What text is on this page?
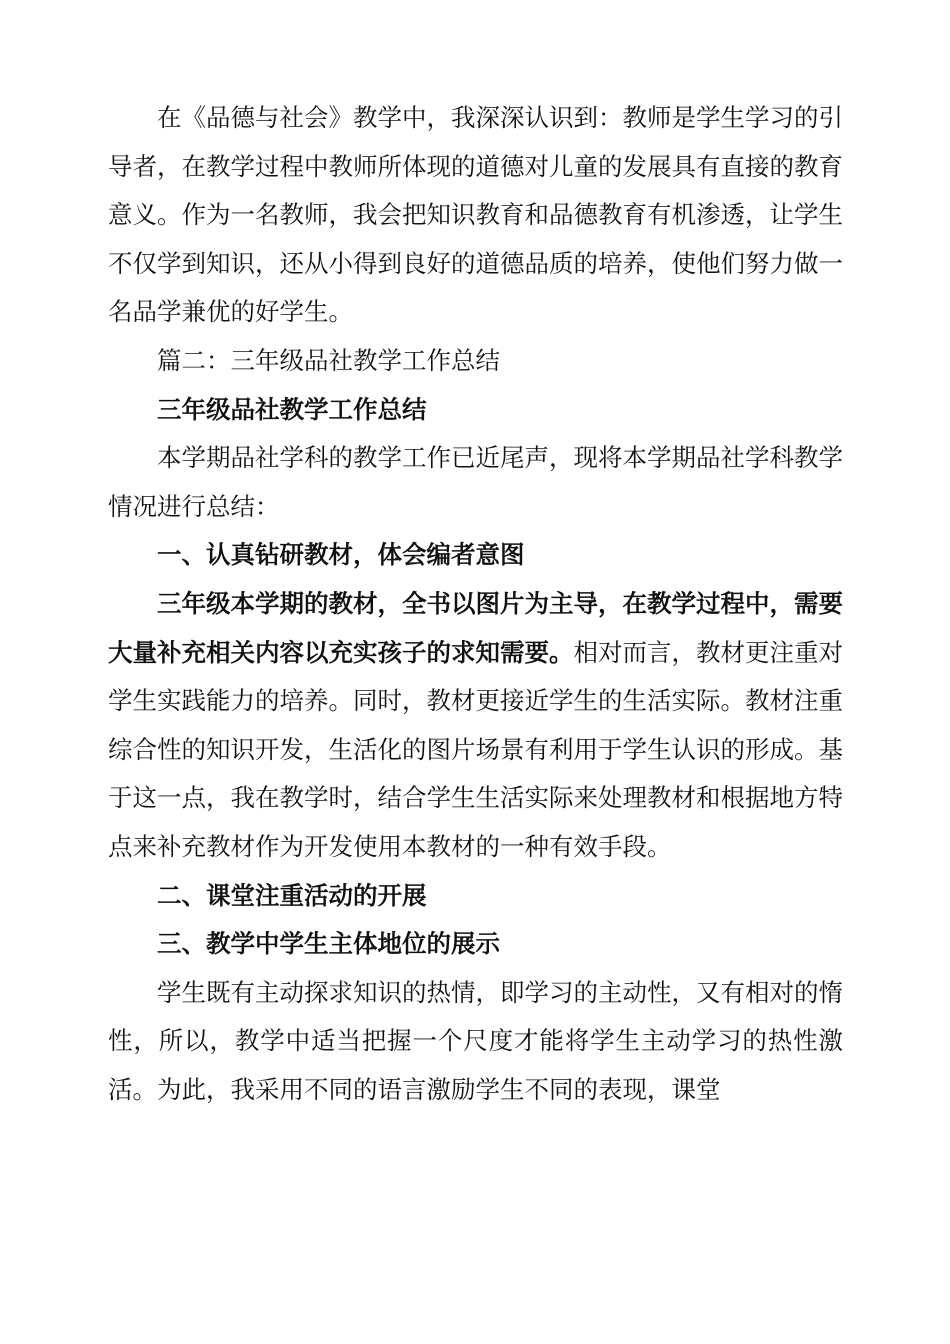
在《品德与社会》教学中，我深深认识到：教师是学生学习的引导者，在教学过程中教师所体现的道德对儿童的发展具有直接的教育意义。作为一名教师，我会把知识教育和品德教育有机渗透，让学生不仅学到知识，还从小得到良好的道德品质的培养，使他们努力做一名品学兼优的好学生。

篇二：三年级品社教学工作总结

三年级品社教学工作总结

本学期品社学科的教学工作已近尾声，现将本学期品社学科教学情况进行总结：

一、认真钻研教材，体会编者意图

三年级本学期的教材，全书以图片为主导，在教学过程中，需要大量补充相关内容以充实孩子的求知需要。相对而言，教材更注重对学生实践能力的培养。同时，教材更接近学生的生活实际。教材注重综合性的知识开发，生活化的图片场景有利用于学生认识的形成。基于这一点，我在教学时，结合学生生活实际来处理教材和根据地方特点来补充教材作为开发使用本教材的一种有效手段。

二、课堂注重活动的开展

三、教学中学生主体地位的展示

学生既有主动探求知识的热情，即学习的主动性，又有相对的惰性，所以，教学中适当把握一个尺度才能将学生主动学习的热性激活。为此，我采用不同的语言激励学生不同的表现，课堂
